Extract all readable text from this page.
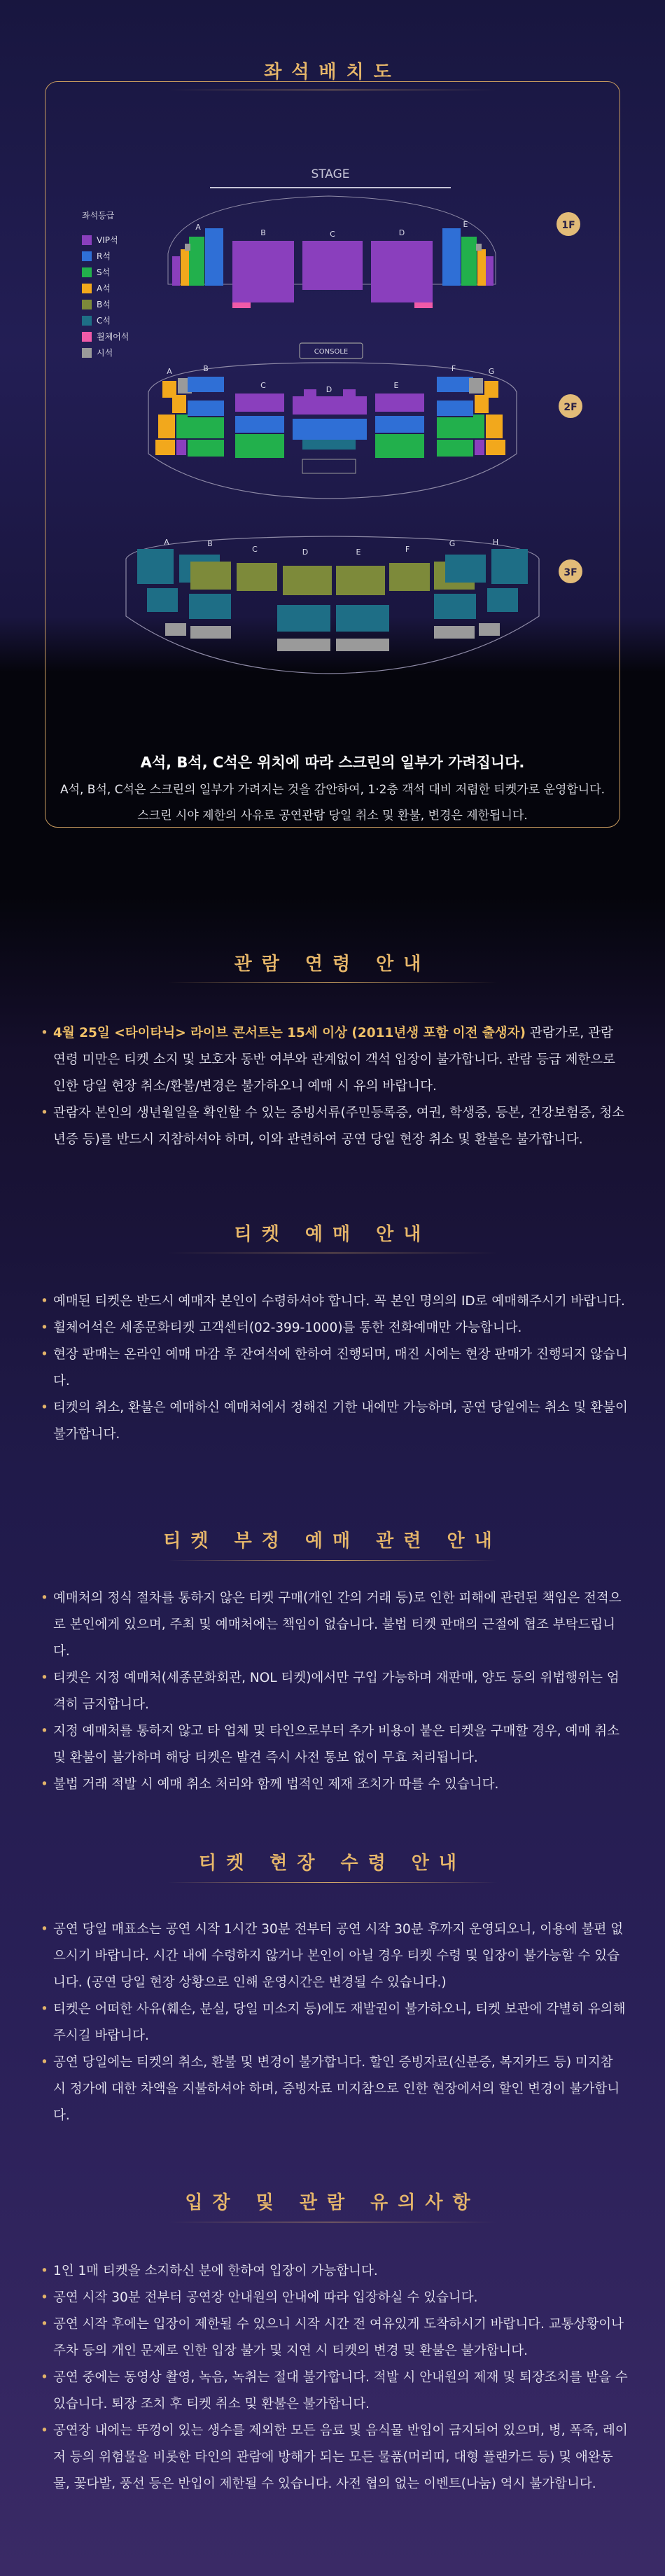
좌석배치도
STAGE
CONSOLE
A
B	C	D
E	1F
좌석등급
VIP석
R석
S석
A석
B석
C석
휠체어석
시석
A	B
C	D	E
F	G
2F
A	B
C	D	E	F
G	H
3F
A석, B석, C석은 위치에 따라 스크린의 일부가 가려집니다.
A석, B석, C석은 스크린의 일부가 가려지는 것을 감안하여, 1·2층 객석 대비 저렴한 티켓가로 운영합니다.
스크린 시야 제한의 사유로 공연관람 당일 취소 및 환불, 변경은 제한됩니다.
관람 연령 안내
• 4월 25일 <타이타닉> 라이브 콘서트는 15세 이상 (2011년생 포함 이전 출생자) 관람가로, 관람 연령 미만은 티켓 소지 및 보호자 동반 여부와 관계없이 객석 입장이 불가합니다. 관람 등급 제한으로 인한 당일 현장 취소/환불/변경은 불가하오니 예매 시 유의 바랍니다.
• 관람자 본인의 생년월일을 확인할 수 있는 증빙서류(주민등록증, 여권, 학생증, 등본, 건강보험증, 청소년증 등)를 반드시 지참하셔야 하며, 이와 관련하여 공연 당일 현장 취소 및 환불은 불가합니다.
티켓 예매 안내
• 예매된 티켓은 반드시 예매자 본인이 수령하셔야 합니다. 꼭 본인 명의의 ID로 예매해주시기 바랍니다.
• 휠체어석은 세종문화티켓 고객센터(02-399-1000)를 통한 전화예매만 가능합니다.
• 현장 판매는 온라인 예매 마감 후 잔여석에 한하여 진행되며, 매진 시에는 현장 판매가 진행되지 않습니다.
• 티켓의 취소, 환불은 예매하신 예매처에서 정해진 기한 내에만 가능하며, 공연 당일에는 취소 및 환불이 불가합니다.
티켓 부정 예매 관련 안내
• 예매처의 정식 절차를 통하지 않은 티켓 구매(개인 간의 거래 등)로 인한 피해에 관련된 책임은 전적으로 본인에게 있으며, 주최 및 예매처에는 책임이 없습니다. 불법 티켓 판매의 근절에 협조 부탁드립니다.
• 티켓은 지정 예매처(세종문화회관, NOL 티켓)에서만 구입 가능하며 재판매, 양도 등의 위법행위는 엄격히 금지합니다.
• 지정 예매처를 통하지 않고 타 업체 및 타인으로부터 추가 비용이 붙은 티켓을 구매할 경우, 예매 취소 및 환불이 불가하며 해당 티켓은 발견 즉시 사전 통보 없이 무효 처리됩니다.
• 불법 거래 적발 시 예매 취소 처리와 함께 법적인 제재 조치가 따를 수 있습니다.
티켓 현장 수령 안내
• 공연 당일 매표소는 공연 시작 1시간 30분 전부터 공연 시작 30분 후까지 운영되오니, 이용에 불편 없으시기 바랍니다. 시간 내에 수령하지 않거나 본인이 아닐 경우 티켓 수령 및 입장이 불가능할 수 있습니다. (공연 당일 현장 상황으로 인해 운영시간은 변경될 수 있습니다.)
• 티켓은 어떠한 사유(훼손, 분실, 당일 미소지 등)에도 재발권이 불가하오니, 티켓 보관에 각별히 유의해 주시길 바랍니다.
• 공연 당일에는 티켓의 취소, 환불 및 변경이 불가합니다. 할인 증빙자료(신분증, 복지카드 등) 미지참 시 정가에 대한 차액을 지불하셔야 하며, 증빙자료 미지참으로 인한 현장에서의 할인 변경이 불가합니다.
입장 및 관람 유의사항
• 1인 1매 티켓을 소지하신 분에 한하여 입장이 가능합니다.
• 공연 시작 30분 전부터 공연장 안내원의 안내에 따라 입장하실 수 있습니다.
• 공연 시작 후에는 입장이 제한될 수 있으니 시작 시간 전 여유있게 도착하시기 바랍니다. 교통상황이나 주차 등의 개인 문제로 인한 입장 불가 및 지연 시 티켓의 변경 및 환불은 불가합니다.
• 공연 중에는 동영상 촬영, 녹음, 녹취는 절대 불가합니다. 적발 시 안내원의 제재 및 퇴장조치를 받을 수 있습니다. 퇴장 조치 후 티켓 취소 및 환불은 불가합니다.
• 공연장 내에는 뚜껑이 있는 생수를 제외한 모든 음료 및 음식물 반입이 금지되어 있으며, 병, 폭죽, 레이저 등의 위험물을 비롯한 타인의 관람에 방해가 되는 모든 물품(머리띠, 대형 플랜카드 등) 및 애완동물, 꽃다발, 풍선 등은 반입이 제한될 수 있습니다. 사전 협의 없는 이벤트(나눔) 역시 불가합니다.
